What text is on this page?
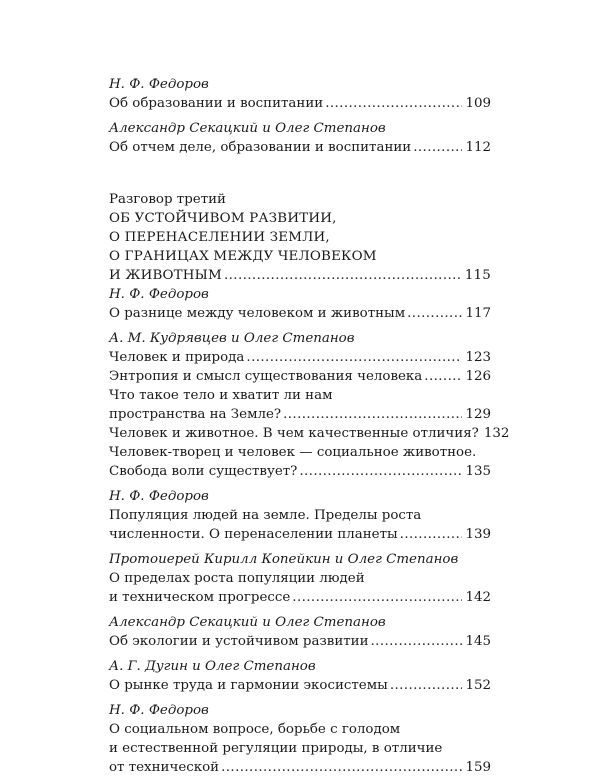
Н. Ф. Федоров
Об образовании и воспитании .....	109
Александр Секацкий и Олег Степанов
Об отчем деле, образовании и воспитании .....	112
Разговор третий
ОБ УСТОЙЧИВОМ РАЗВИТИИ,
О ПЕРЕНАСЕЛЕНИИ ЗЕМЛИ,
О ГРАНИЦАХ МЕЖДУ ЧЕЛОВЕКОМ
И ЖИВОТНЫМ .....	115
Н. Ф. Федоров
О разнице между человеком и животным .....	117
А. М. Кудрявцев и Олег Степанов
Человек и природа .....	123
Энтропия и смысл существования человека .....	126
Что такое тело и хватит ли нам
пространства на Земле? .....	129
Человек и животное. В чем качественные отличия? 132
Человек-творец и человек — социальное животное.
Свобода воли существует? .....	135
Н. Ф. Федоров
Популяция людей на земле. Пределы роста
численности. О перенаселении планеты .....	139
Протоиерей Кирилл Копейкин и Олег Степанов
О пределах роста популяции людей
и техническом прогрессе .....	142
Александр Секацкий и Олег Степанов
Об экологии и устойчивом развитии .....	145
А. Г. Дугин и Олег Степанов
О рынке труда и гармонии экосистемы .....	152
Н. Ф. Федоров
О социальном вопросе, борьбе с голодом
и естественной регуляции природы, в отличие
от технической .....	159
